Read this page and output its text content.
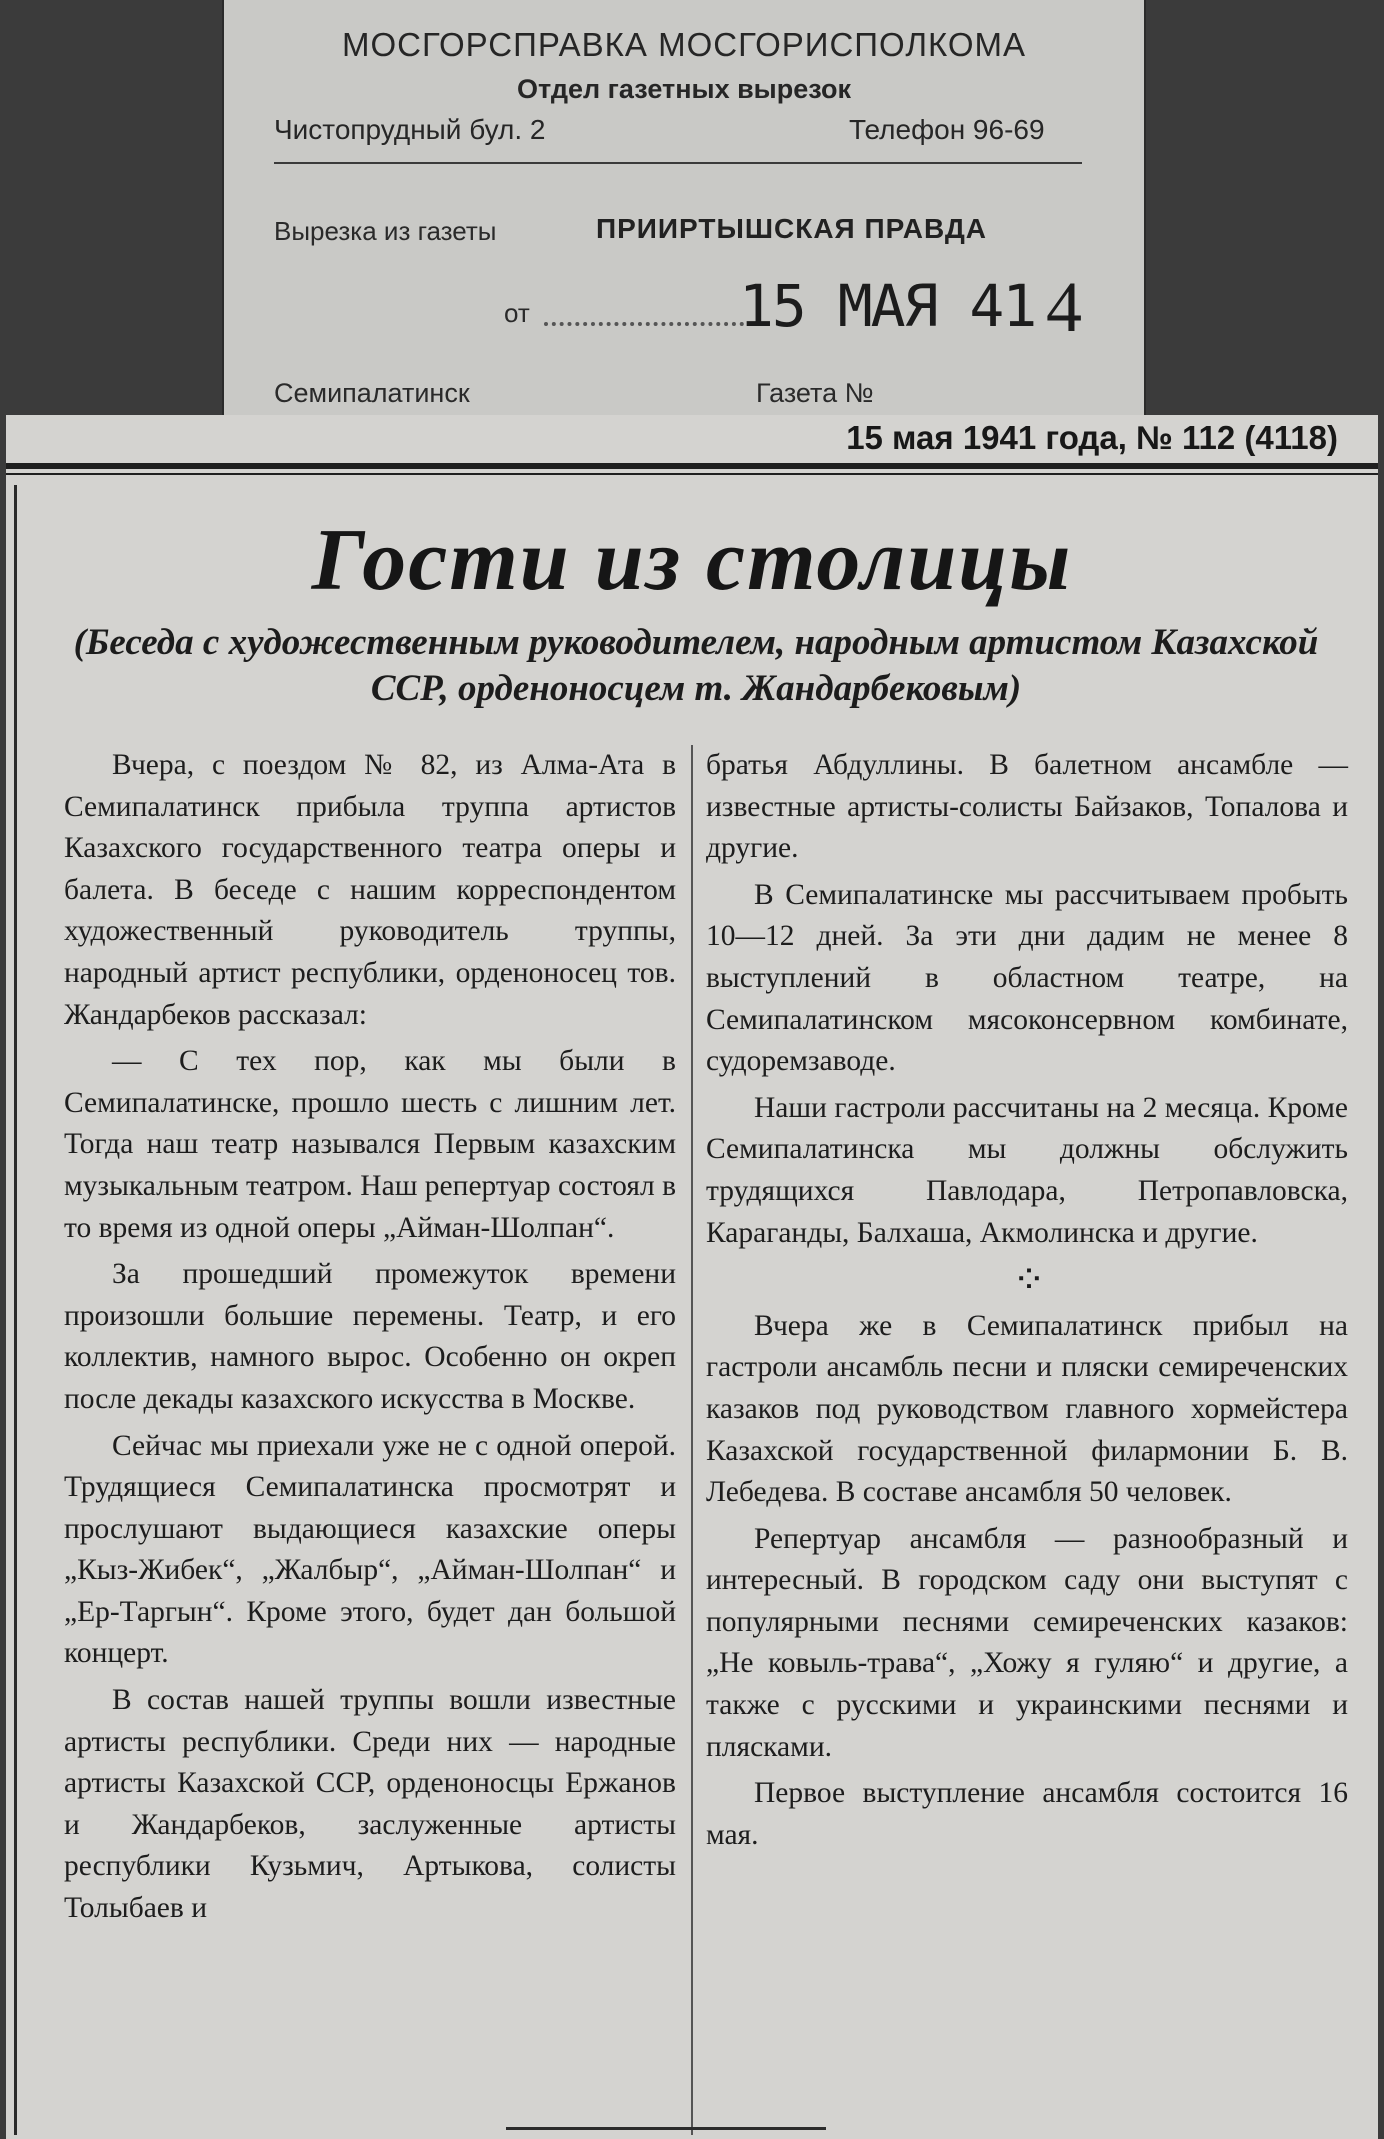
МОСГОРСПРАВКА МОСГОРИСПОЛКОМА
Отдел газетных вырезок
Чистопрудный бул. 2	Телефон 96-69
Вырезка из газеты	ПРИИРТЫШСКАЯ ПРАВДА
от	15 МАЯ 41 4
Семипалатинск	Газета №
15 мая 1941 года, № 112 (4118)
Гости из столицы
(Беседа с художественным руководителем, народным артистом Казахской ССР, орденоносцем т. Жандарбековым)

Вчера, с поездом № 82, из Алма-Ата в Семипалатинск прибыла труппа артистов Казахского государственного театра оперы и балета. В беседе с нашим корреспондентом художественный руководитель труппы, народный артист республики, орденоносец тов. Жандарбеков рассказал:

— С тех пор, как мы были в Семипалатинске, прошло шесть с лишним лет. Тогда наш театр назывался Первым казахским музыкальным театром. Наш репертуар состоял в то время из одной оперы „Айман-Шолпан“.

За прошедший промежуток времени произошли большие перемены. Театр, и его коллектив, намного вырос. Особенно он окреп после декады казахского искусства в Москве.

Сейчас мы приехали уже не с одной оперой. Трудящиеся Семипалатинска просмотрят и прослушают выдающиеся казахские оперы „Кыз-Жибек“, „Жалбыр“, „Айман-Шолпан“ и „Ер-Таргын“. Кроме этого, будет дан большой концерт.

В состав нашей труппы вошли известные артисты республики. Среди них — народные артисты Казахской ССР, орденоносцы Ержанов и Жандарбеков, заслуженные артисты республики Кузьмич, Артыкова, солисты Толыбаев и

братья Абдуллины. В балетном ансамбле — известные артисты-солисты Байзаков, Топалова и другие.

В Семипалатинске мы рассчитываем пробыть 10—12 дней. За эти дни дадим не менее 8 выступлений в областном театре, на Семипалатинском мясоконсервном комбинате, судоремзаводе.

Наши гастроли рассчитаны на 2 месяца. Кроме Семипалатинска мы должны обслужить трудящихся Павлодара, Петропавловска, Караганды, Балхаша, Акмолинска и другие.

⁘

Вчера же в Семипалатинск прибыл на гастроли ансамбль песни и пляски семиреченских казаков под руководством главного хормейстера Казахской государственной филармонии Б. В. Лебедева. В составе ансамбля 50 человек.

Репертуар ансамбля — разнообразный и интересный. В городском саду они выступят с популярными песнями семиреченских казаков: „Не ковыль-трава“, „Хожу я гуляю“ и другие, а также с русскими и украинскими песнями и плясками.

Первое выступление ансамбля состоится 16 мая.
